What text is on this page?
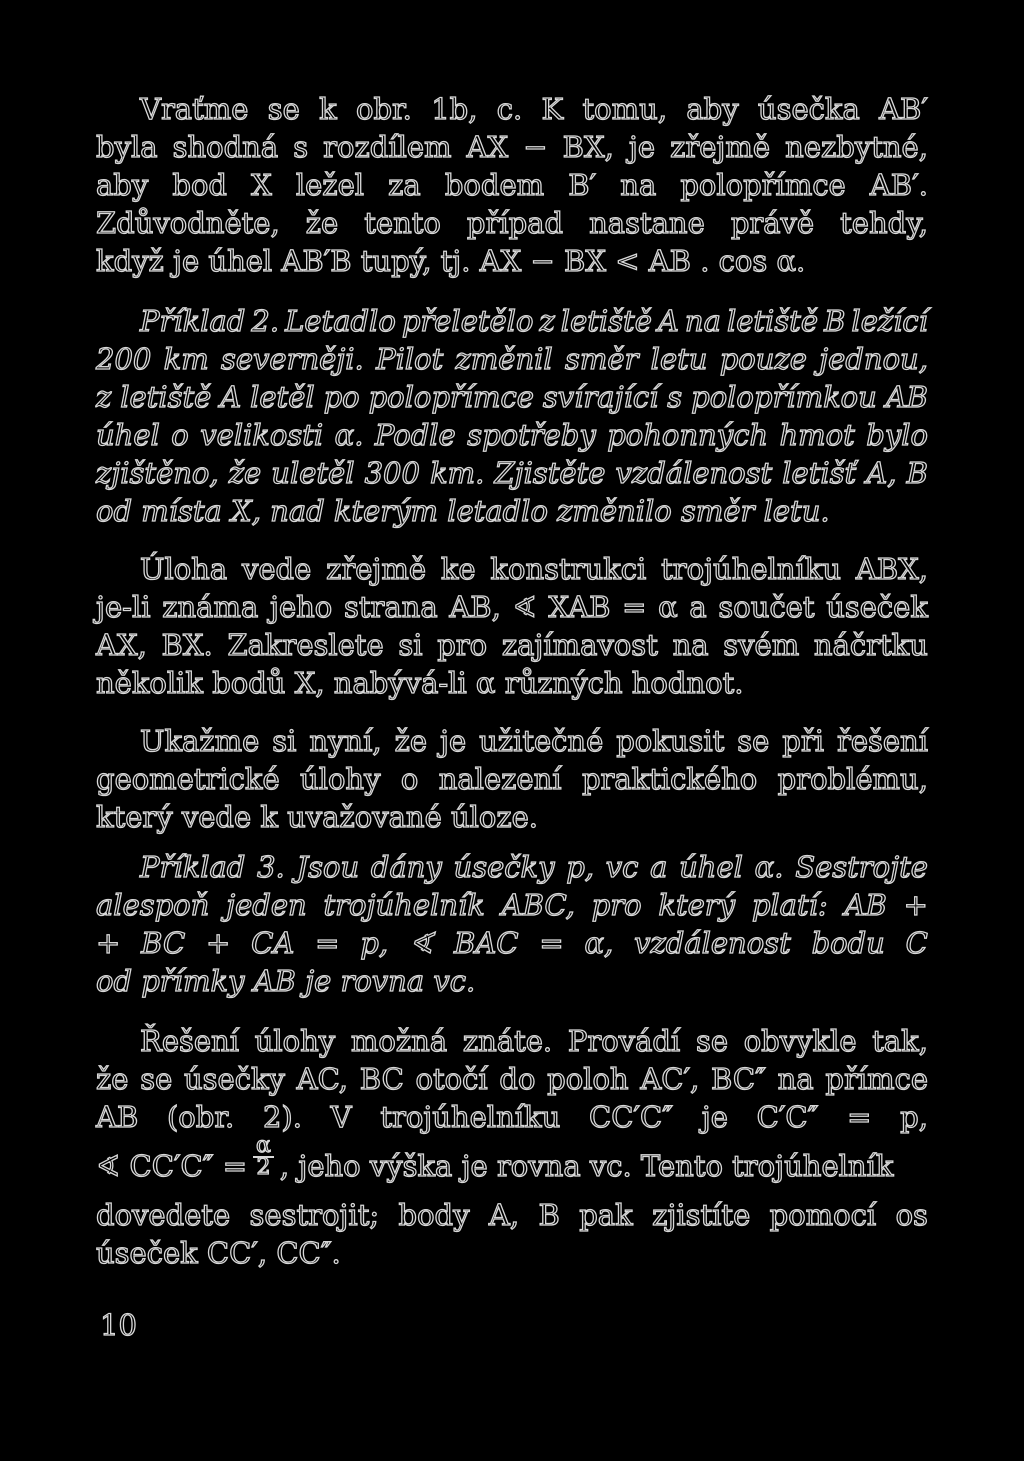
Vraťme se k obr. 1b, c. K tomu, aby úsečka AB′
byla shodná s rozdílem AX − BX, je zřejmě nezbytné,
aby bod X ležel za bodem B′ na polopřímce AB′.
Zdůvodněte, že tento případ nastane právě tehdy,
když je úhel AB′B tupý, tj. AX − BX < AB . cos α.
Příklad 2. Letadlo přeletělo z letiště A na letiště B ležící
200 km severněji. Pilot změnil směr letu pouze jednou,
z letiště A letěl po polopřímce svírající s polopřímkou AB
úhel o velikosti α. Podle spotřeby pohonných hmot bylo
zjištěno, že uletěl 300 km. Zjistěte vzdálenost letišť A, B
od místa X, nad kterým letadlo změnilo směr letu.
Úloha vede zřejmě ke konstrukci trojúhelníku ABX,
je-li známa jeho strana AB, ∢ XAB = α a součet úseček
AX, BX. Zakreslete si pro zajímavost na svém náčrtku
několik bodů X, nabývá-li α různých hodnot.
Ukažme si nyní, že je užitečné pokusit se při řešení
geometrické úlohy o nalezení praktického problému,
který vede k uvažované úloze.
Příklad 3. Jsou dány úsečky p, vc a úhel α. Sestrojte
alespoň jeden trojúhelník ABC, pro který platí: AB +
+ BC + CA = p, ∢ BAC = α, vzdálenost bodu C
od přímky AB je rovna vc.
Řešení úlohy možná znáte. Provádí se obvykle tak,
že se úsečky AC, BC otočí do poloh AC′, BC″ na přímce
AB (obr. 2). V trojúhelníku CC′C″ je C′C″ = p,
∢ $CC'C'' = \frac{\alpha}{2}$ , jeho výška je rovna vc. Tento trojúhelník
dovedete sestrojit; body A, B pak zjistíte pomocí os
úseček CC′, CC″.
10
